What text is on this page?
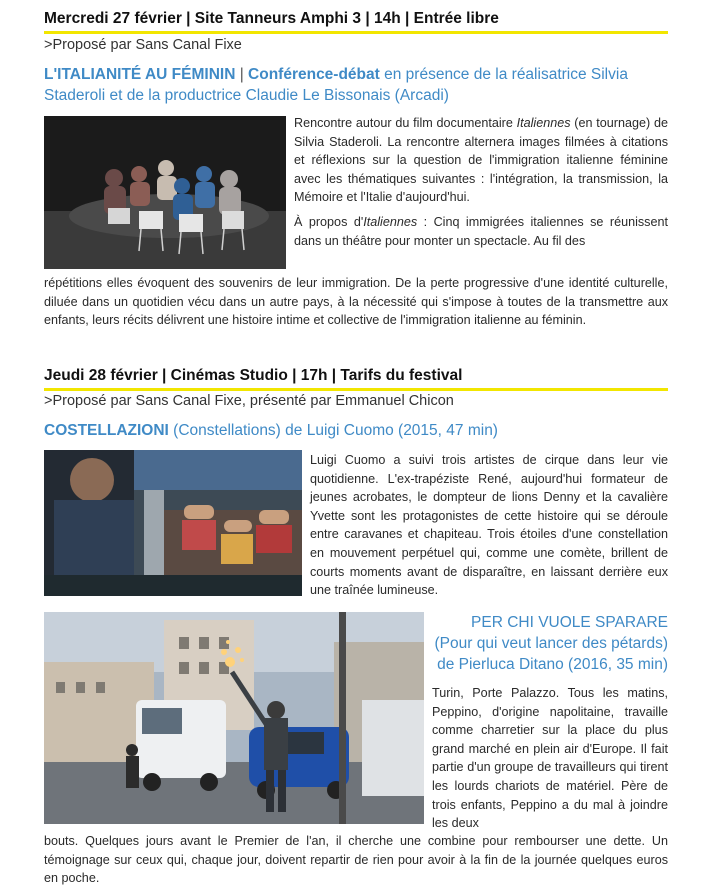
Mercredi 27 février | Site Tanneurs Amphi 3 | 14h | Entrée libre
>Proposé par Sans Canal Fixe
L'ITALIANITÉ AU FÉMININ | Conférence-débat en présence de la réalisatrice Silvia Staderoli et de la productrice Claudie Le Bissonais (Arcadi)

Rencontre autour du film documentaire Italiennes (en tournage) de Silvia Staderoli. La rencontre alternera images filmées à citations et réflexions sur la question de l'immigration italienne féminine avec les thématiques suivantes : l'intégration, la transmission, la Mémoire et l'Italie d'aujourd'hui.

À propos d'Italiennes : Cinq immigrées italiennes se réunissent dans un théâtre pour monter un spectacle. Au fil des

répétitions elles évoquent des souvenirs de leur immigration. De la perte progressive d'une identité culturelle, diluée dans un quotidien vécu dans un autre pays, à la nécessité qui s'impose à toutes de la transmettre aux enfants, leurs récits délivrent une histoire intime et collective de l'immigration italienne au féminin.

Jeudi 28 février | Cinémas Studio | 17h | Tarifs du festival
>Proposé par Sans Canal Fixe, présenté par Emmanuel Chicon
COSTELLAZIONI (Constellations) de Luigi Cuomo (2015, 47 min)

Luigi Cuomo a suivi trois artistes de cirque dans leur vie quotidienne. L'ex-trapéziste René, aujourd'hui formateur de jeunes acrobates, le dompteur de lions Denny et la cavalière Yvette sont les protagonistes de cette histoire qui se déroule entre caravanes et chapiteau. Trois étoiles d'une constellation en mouvement perpétuel qui, comme une comète, brillent de courts moments avant de disparaître, en laissant derrière eux une traînée lumineuse.

PER CHI VUOLE SPARARE
(Pour qui veut lancer des pétards)
de Pierluca Ditano (2016, 35 min)

Turin, Porte Palazzo. Tous les matins, Peppino, d'origine napolitaine, travaille comme charretier sur la place du plus grand marché en plein air d'Europe. Il fait partie d'un groupe de travailleurs qui tirent les lourds chariots de matériel. Père de trois enfants, Peppino a du mal à joindre les deux

bouts. Quelques jours avant le Premier de l'an, il cherche une combine pour rembourser une dette. Un témoignage sur ceux qui, chaque jour, doivent repartir de rien pour avoir à la fin de la journée quelques euros en poche.
